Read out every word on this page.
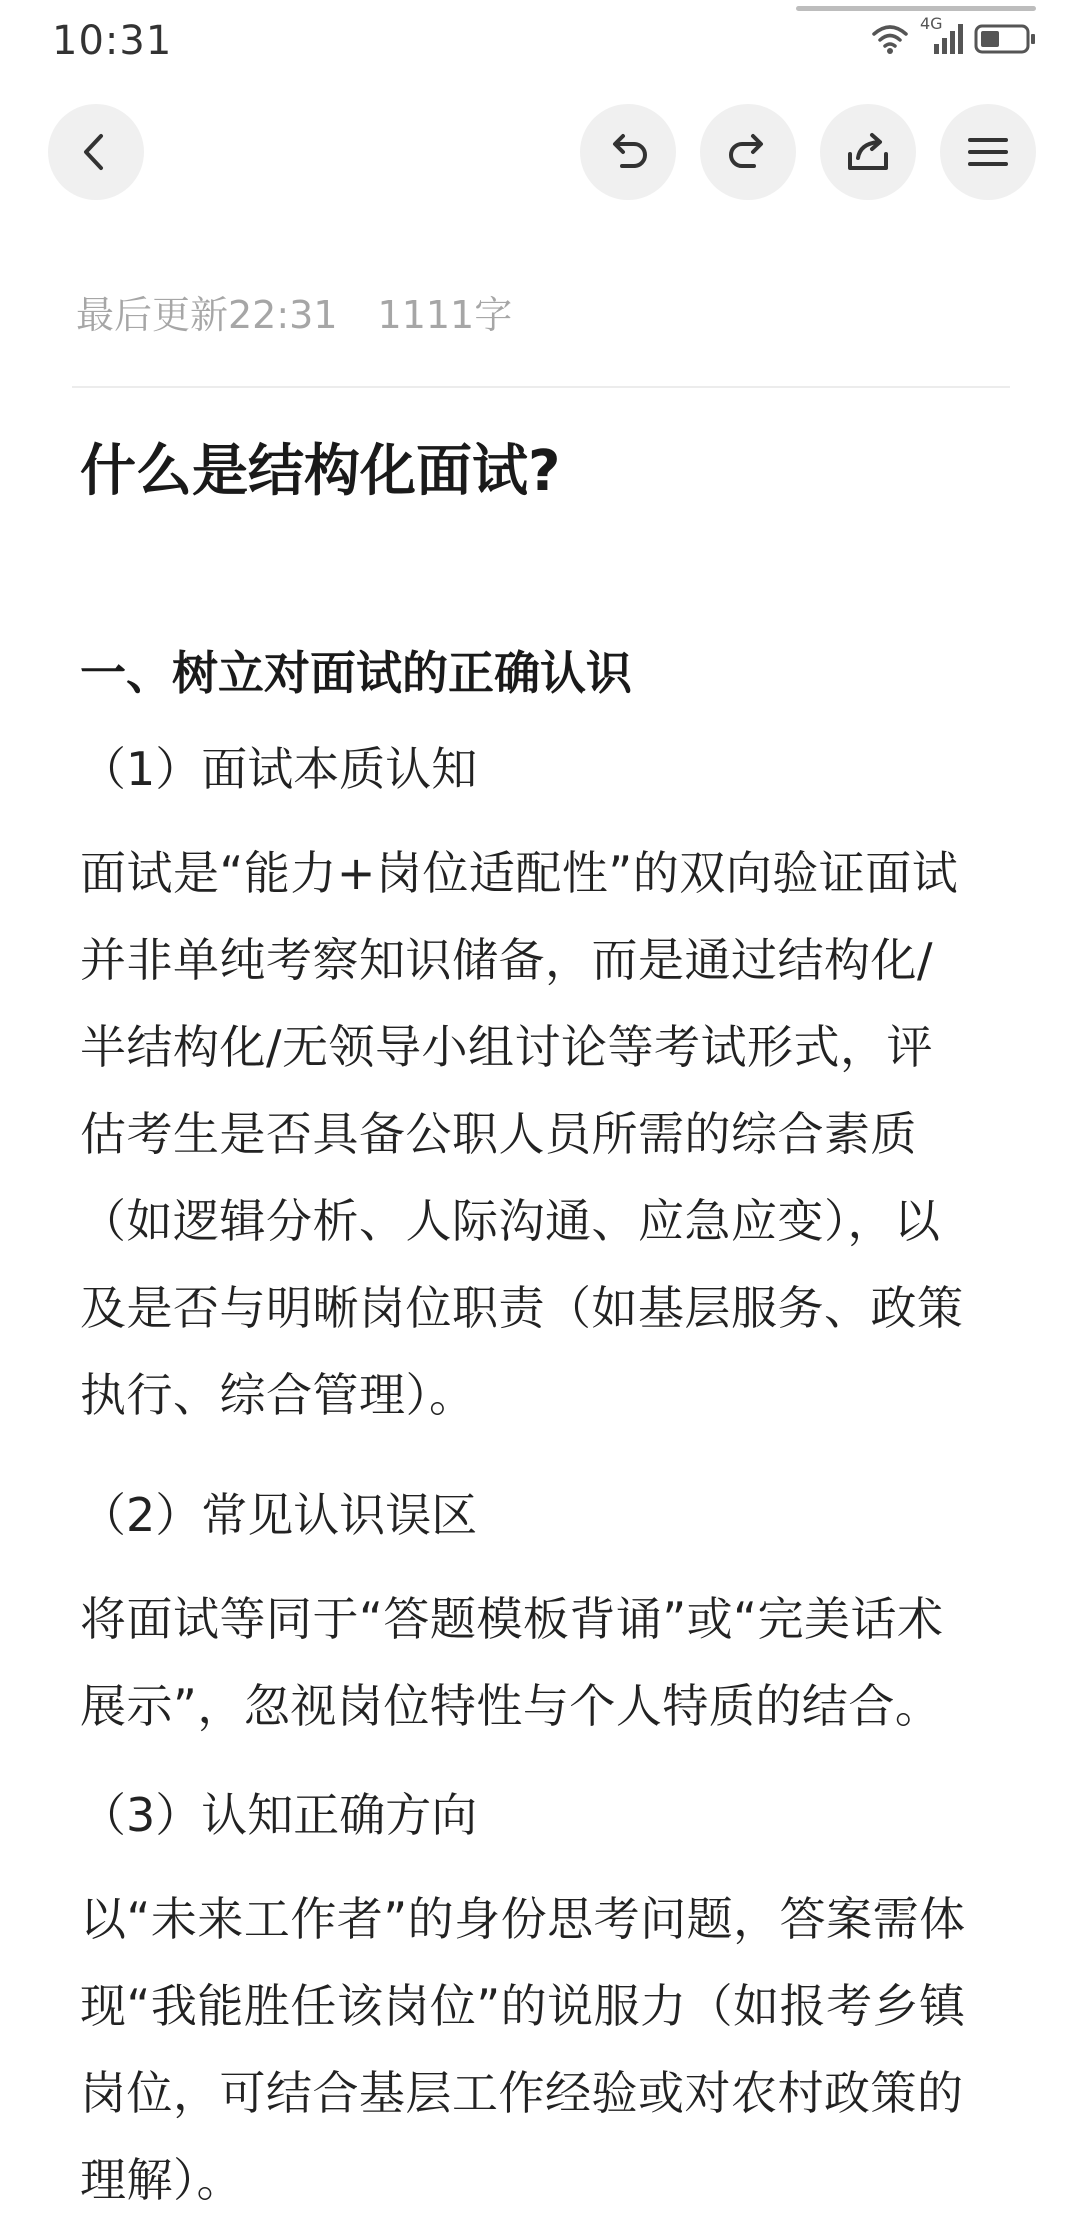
10:31	4G
最后更新22:31 1111字
什么是结构化面试?
一、树立对面试的正确认识
（1）面试本质认知
面试是“能力+岗位适配性”的双向验证面试
并非单纯考察知识储备，而是通过结构化/
半结构化/无领导小组讨论等考试形式，评
估考生是否具备公职人员所需的综合素质
（如逻辑分析、人际沟通、应急应变），以
及是否与明晰岗位职责（如基层服务、政策
执行、综合管理）。
（2）常见认识误区
将面试等同于“答题模板背诵”或“完美话术
展示”，忽视岗位特性与个人特质的结合。
（3）认知正确方向
以“未来工作者”的身份思考问题，答案需体
现“我能胜任该岗位”的说服力（如报考乡镇
岗位，可结合基层工作经验或对农村政策的
理解）。
